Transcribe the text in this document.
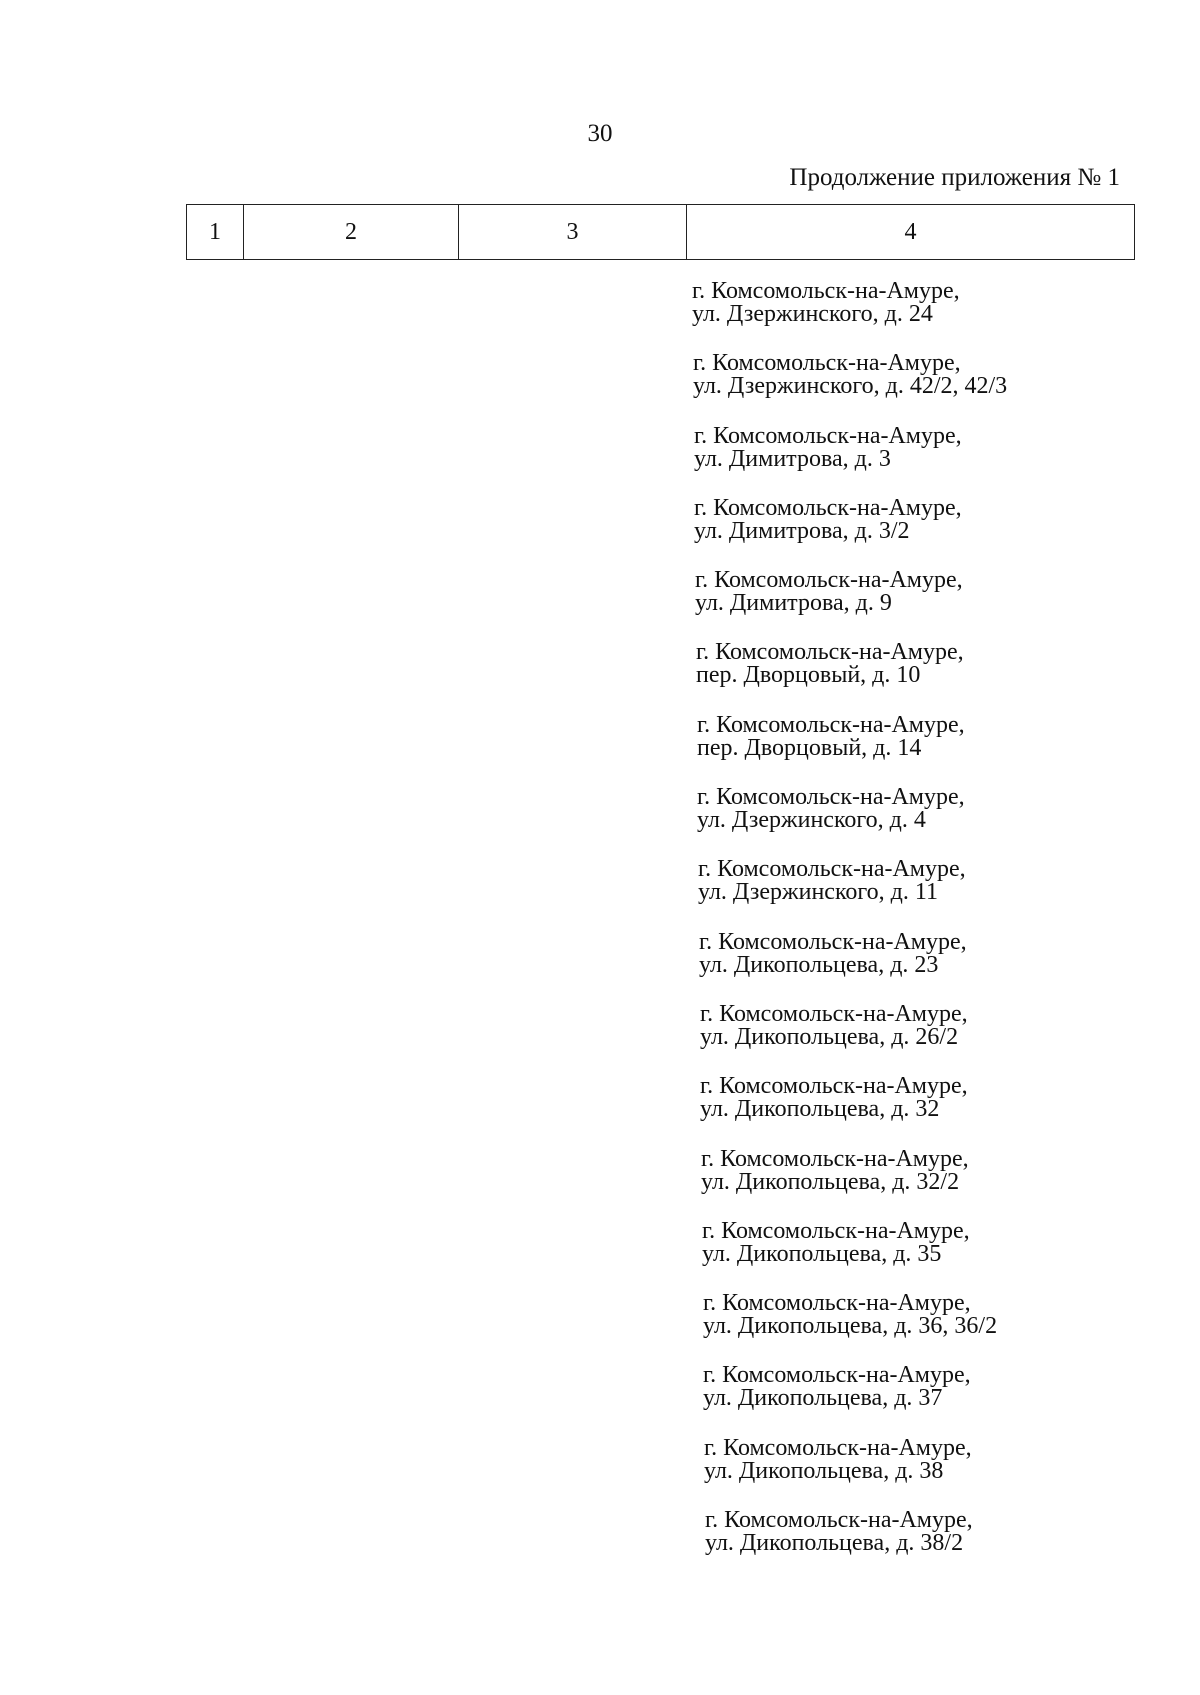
30
Продолжение приложения № 1
1	2	3	4
г. Комсомольск-на-Амуре,
ул. Дзержинского, д. 24
г. Комсомольск-на-Амуре,
ул. Дзержинского, д. 42/2, 42/3
г. Комсомольск-на-Амуре,
ул. Димитрова, д. 3
г. Комсомольск-на-Амуре,
ул. Димитрова, д. 3/2
г. Комсомольск-на-Амуре,
ул. Димитрова, д. 9
г. Комсомольск-на-Амуре,
пер. Дворцовый, д. 10
г. Комсомольск-на-Амуре,
пер. Дворцовый, д. 14
г. Комсомольск-на-Амуре,
ул. Дзержинского, д. 4
г. Комсомольск-на-Амуре,
ул. Дзержинского, д. 11
г. Комсомольск-на-Амуре,
ул. Дикопольцева, д. 23
г. Комсомольск-на-Амуре,
ул. Дикопольцева, д. 26/2
г. Комсомольск-на-Амуре,
ул. Дикопольцева, д. 32
г. Комсомольск-на-Амуре,
ул. Дикопольцева, д. 32/2
г. Комсомольск-на-Амуре,
ул. Дикопольцева, д. 35
г. Комсомольск-на-Амуре,
ул. Дикопольцева, д. 36, 36/2
г. Комсомольск-на-Амуре,
ул. Дикопольцева, д. 37
г. Комсомольск-на-Амуре,
ул. Дикопольцева, д. 38
г. Комсомольск-на-Амуре,
ул. Дикопольцева, д. 38/2
